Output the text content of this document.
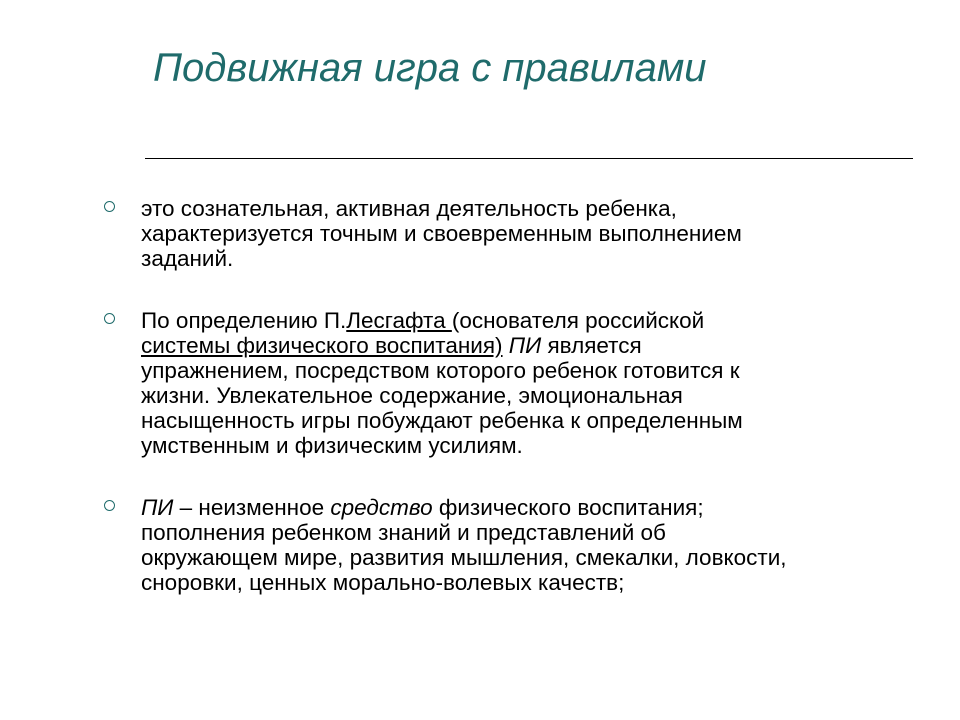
Подвижная игра с правилами
это сознательная, активная деятельность ребенка,
характеризуется точным и своевременным выполнением
заданий.
По определению П.Лесгафта (основателя российской
системы физического воспитания) ПИ является
упражнением, посредством которого ребенок готовится к
жизни. Увлекательное содержание, эмоциональная
насыщенность игры побуждают ребенка к определенным
умственным и физическим усилиям.
ПИ – неизменное средство физического воспитания;
пополнения ребенком знаний и представлений об
окружающем мире, развития мышления, смекалки, ловкости,
сноровки, ценных морально-волевых качеств;
